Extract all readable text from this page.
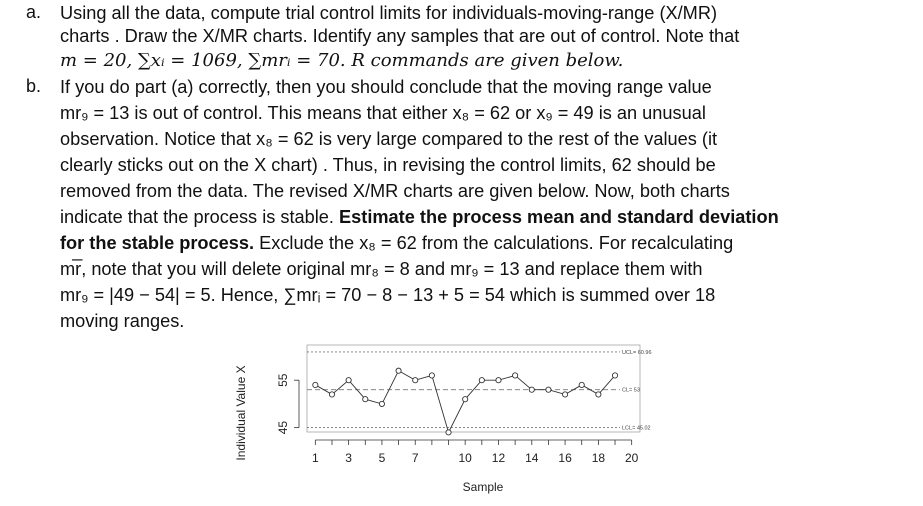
a. Using all the data, compute trial control limits for individuals-moving-range (X/MR)
charts . Draw the X/MR charts. Identify any samples that are out of control. Note that
m = 20, ∑xᵢ = 1069, ∑mrᵢ = 70. R commands are given below.
b. If you do part (a) correctly, then you should conclude that the moving range value
mr₉ = 13 is out of control. This means that either x₈ = 62 or x₉ = 49 is an unusual
observation. Notice that x₈ = 62 is very large compared to the rest of the values (it
clearly sticks out on the X chart) . Thus, in revising the control limits, 62 should be
removed from the data. The revised X/MR charts are given below. Now, both charts
indicate that the process is stable. Estimate the process mean and standard deviation
for the stable process. Exclude the x₈ = 62 from the calculations. For recalculating
mr̅, note that you will delete original mr₈ = 8 and mr₉ = 13 and replace them with
mr₉ = |49 − 54| = 5. Hence, ∑mrᵢ = 70 − 8 − 13 + 5 = 54 which is summed over 18
moving ranges.
UCL= 60.96
CL= 53
LCL= 45.02
1 3 5 7	10 12 14 16 18 20
45
55
Individual Value X
Sample
